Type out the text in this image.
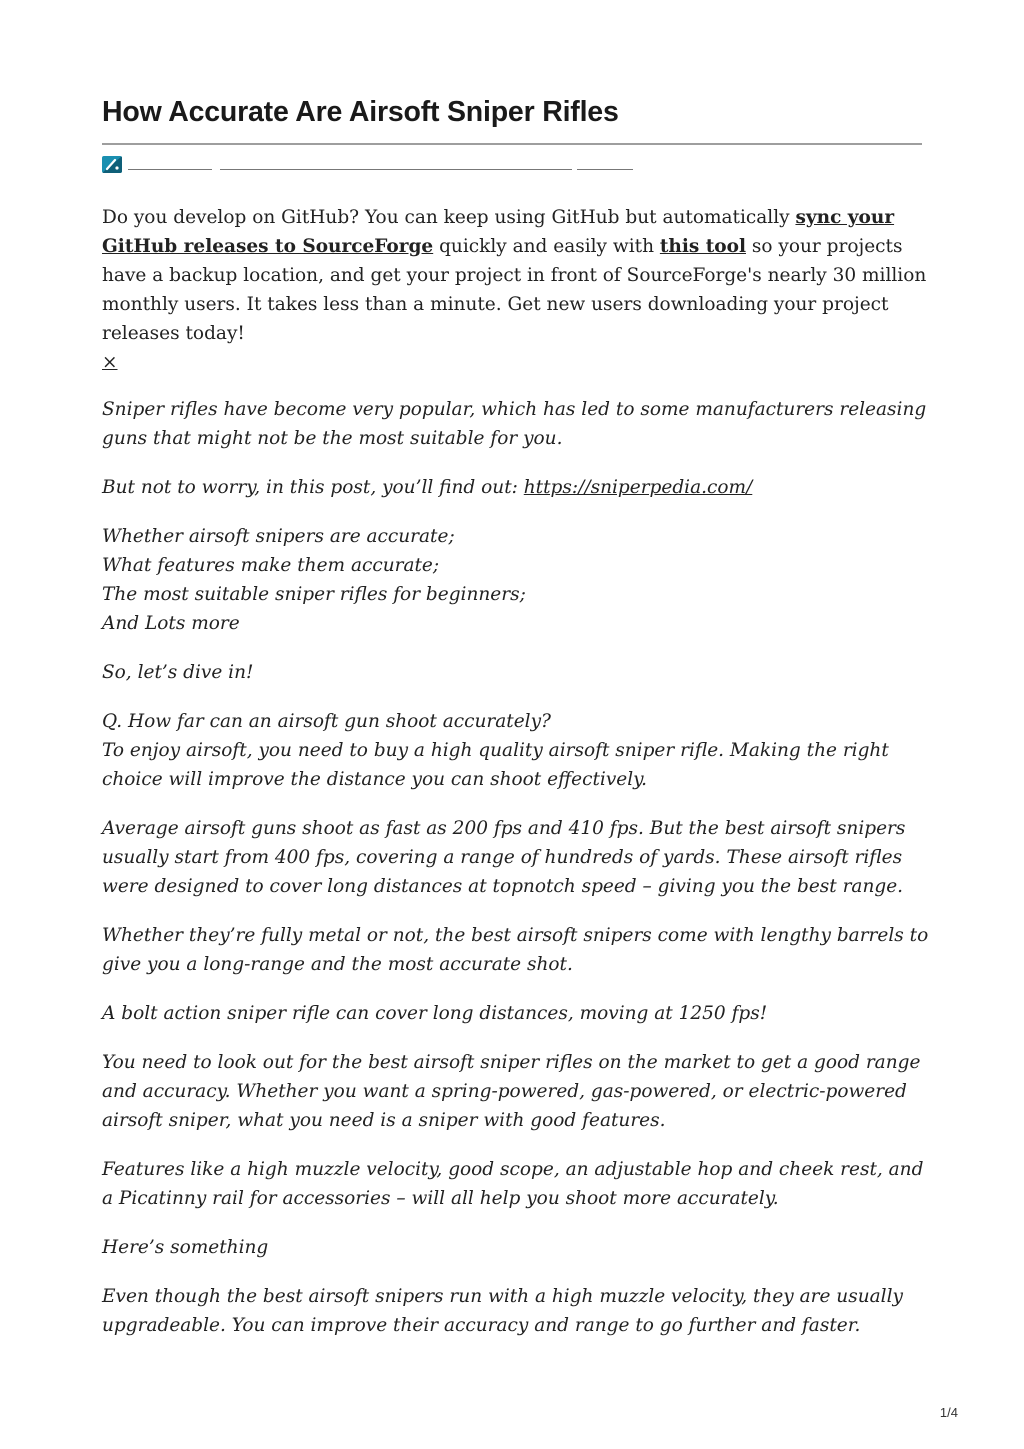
How Accurate Are Airsoft Sniper Rifles

Do you develop on GitHub? You can keep using GitHub but automatically sync your GitHub releases to SourceForge quickly and easily with this tool so your projects have a backup location, and get your project in front of SourceForge's nearly 30 million monthly users. It takes less than a minute. Get new users downloading your project releases today!
×

Sniper rifles have become very popular, which has led to some manufacturers releasing guns that might not be the most suitable for you.

But not to worry, in this post, you’ll find out: https://sniperpedia.com/

Whether airsoft snipers are accurate;
What features make them accurate;
The most suitable sniper rifles for beginners;
And Lots more

So, let’s dive in!

Q. How far can an airsoft gun shoot accurately?
To enjoy airsoft, you need to buy a high quality airsoft sniper rifle. Making the right choice will improve the distance you can shoot effectively.

Average airsoft guns shoot as fast as 200 fps and 410 fps. But the best airsoft snipers usually start from 400 fps, covering a range of hundreds of yards. These airsoft rifles were designed to cover long distances at topnotch speed – giving you the best range.

Whether they’re fully metal or not, the best airsoft snipers come with lengthy barrels to give you a long-range and the most accurate shot.

A bolt action sniper rifle can cover long distances, moving at 1250 fps!

You need to look out for the best airsoft sniper rifles on the market to get a good range and accuracy. Whether you want a spring-powered, gas-powered, or electric-powered airsoft sniper, what you need is a sniper with good features.

Features like a high muzzle velocity, good scope, an adjustable hop and cheek rest, and a Picatinny rail for accessories – will all help you shoot more accurately.

Here’s something

Even though the best airsoft snipers run with a high muzzle velocity, they are usually upgradeable. You can improve their accuracy and range to go further and faster.

1/4
